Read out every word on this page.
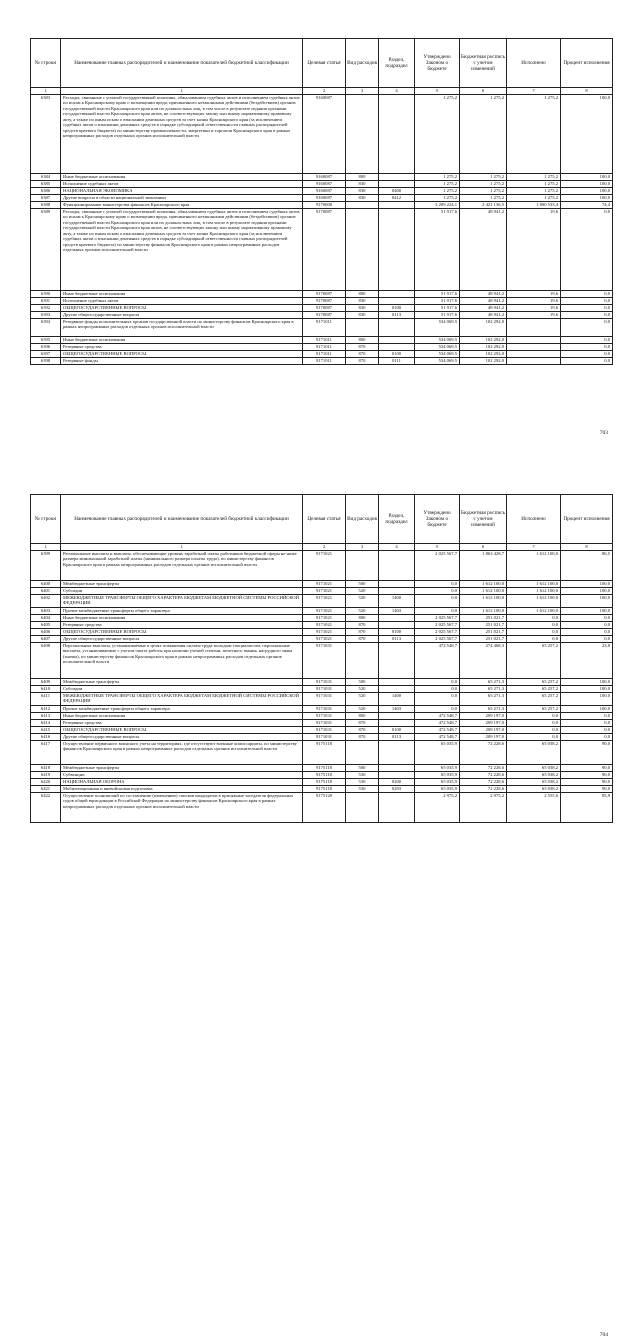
№ строки	Наименование главных распорядителей и наименование показателей бюджетной классификации	Целевая статья	Вид расходов	Раздел, подраздел	Утверждено Законом о бюджете	Бюджетная роспись с учетом изменений	Исполнено	Процент исполнения
1	1	2	3	4	5	6	7	8
6383	Расходы, связанные с уплатой государственной пошлины, обжалованием судебных актов и исполнением судебных актов по искам к Красноярскому краю о возмещении вреда, причиненного незаконными действиями (бездействием) органов государственной власти Красноярского края или их должностных лиц, в том числе в результате издания органами государственной власти Красноярского края актов, не соответствующих закону или иному нормативному правовому акту, а также по иным искам о взыскании денежных средств за счет казны Красноярского края (за исключением судебных актов о взыскании денежных средств в порядке субсидиарной ответственности главных распорядителей средств краевого бюджета) по министерству промышленности, энергетики и торговли Красноярского края в рамках непрограммных расходов отдельных органов исполнительной власти	9160087			1 275,2	1 275,2	1 275,2	100,0
6384	Иные бюджетные ассигнования	9160087	800		1 275,2	1 275,2	1 275,2	100,0
6385	Исполнение судебных актов	9160087	830		1 275,2	1 275,2	1 275,2	100,0
6386	НАЦИОНАЛЬНАЯ ЭКОНОМИКА	9160087	830	0400	1 275,2	1 275,2	1 275,2	100,0
6387	Другие вопросы в области национальной экономики	9160087	830	0412	1 275,2	1 275,2	1 275,2	100,0
6388	Функционирование министерства финансов Красноярского края	9170000			3 209 224,1	2 421 136,5	1 800 533,4	74,4
6389	Расходы, связанные с уплатой государственной пошлины, обжалованием судебных актов и исполнением судебных актов по искам к Красноярскому краю о возмещении вреда, причиненного незаконными действиями (бездействием) органов государственной власти Красноярского края или их должностных лиц, в том числе в результате издания органами государственной власти Красноярского края актов, не соответствующих закону или иному нормативному правовому акту, а также по иным искам о взыскании денежных средств за счет казны Красноярского края (за исключением судебных актов о взыскании денежных средств в порядке субсидиарной ответственности главных распорядителей средств краевого бюджета) по министерству финансов Красноярского края в рамках непрограммных расходов отдельных органов исполнительной власти	9170087			51 917,6	48 941,2	19,6	0,0
6390	Иные бюджетные ассигнования	9170087	800		51 917,6	48 941,2	19,6	0,0
6391	Исполнение судебных актов	9170087	830		51 917,6	48 941,2	19,6	0,0
6392	ОБЩЕГОСУДАРСТВЕННЫЕ ВОПРОСЫ	9170087	830	0100	51 917,6	48 941,2	19,6	0,0
6393	Другие общегосударственные вопросы	9170087	830	0113	51 917,6	48 941,2	19,6	0,0
6394	Резервные фонды исполнительных органов государственной власти по министерству финансов Красноярского края в рамках непрограммных расходов отдельных органов исполнительной власти	9171011			534 069,5	102 292,0		0,0
6395	Иные бюджетные ассигнования	9171011	800		534 069,5	102 292,0		0,0
6396	Резервные средства	9171011	870		534 069,5	102 292,0		0,0
6397	ОБЩЕГОСУДАРСТВЕННЫЕ ВОПРОСЫ	9171011	870	0100	534 069,5	102 292,0		0,0
6398	Резервные фонды	9171011	870	0111	534 069,5	102 292,0		0,0
703
№ строки	Наименование главных распорядителей и наименование показателей бюджетной классификации	Целевая статья	Вид расходов	Раздел, подраздел	Утверждено Законом о бюджете	Бюджетная роспись с учетом изменений	Исполнено	Процент исполнения
1	1	2	3	4	5	6	7	8
6399	Региональные выплаты и выплаты, обеспечивающие уровень заработной платы работников бюджетной сферы не ниже размера минимальной заработной платы (минимального размера оплаты труда), по министерству финансов Красноярского края в рамках непрограммных расходов отдельных органов исполнительной власти	9171021			2 025 567,7	1 863 428,7	1 612 100,0	86,5
6400	Межбюджетные трансферты	9171021	500		0,0	1 612 100,0	1 612 100,0	100,0
6401	Субсидии	9171021	520		0,0	1 612 100,0	1 612 100,0	100,0
6402	МЕЖБЮДЖЕТНЫЕ ТРАНСФЕРТЫ ОБЩЕГО ХАРАКТЕРА БЮДЖЕТАМ БЮДЖЕТНОЙ СИСТЕМЫ РОССИЙСКОЙ ФЕДЕРАЦИИ	9171021	520	1400	0,0	1 612 100,0	1 612 100,0	100,0
6403	Прочие межбюджетные трансферты общего характера	9171021	520	1403	0,0	1 612 100,0	1 612 100,0	100,0
6404	Иные бюджетные ассигнования	9171021	800		2 025 567,7	251 021,7	0,0	0,0
6405	Резервные средства	9171021	870		2 025 567,7	251 021,7	0,0	0,0
6406	ОБЩЕГОСУДАРСТВЕННЫЕ ВОПРОСЫ	9171021	870	0100	2 025 567,7	251 021,7	0,0	0,0
6407	Другие общегосударственные вопросы	9171021	870	0113	2 025 567,7	251 021,7	0,0	0,0
6408	Персональные выплаты, устанавливаемые в целях повышения оплаты труда молодым специалистам, персональные выплаты, устанавливаемые с учетом опыта работы при наличии ученой степени, почетного звания, нагрудного знака (значка), по министерству финансов Красноярского края в рамках непрограммных расходов отдельных органов исполнительной власти	9171031			472 548,7	274 468,3	65 257,2	23,8
6409	Межбюджетные трансферты	9171031	500		0,0	65 271,3	65 257,2	100,0
6410	Субсидии	9171031	520		0,0	65 271,3	65 257,2	100,0
6411	МЕЖБЮДЖЕТНЫЕ ТРАНСФЕРТЫ ОБЩЕГО ХАРАКТЕРА БЮДЖЕТАМ БЮДЖЕТНОЙ СИСТЕМЫ РОССИЙСКОЙ ФЕДЕРАЦИИ	9171031	520	1400	0,0	65 271,3	65 257,2	100,0
6412	Прочие межбюджетные трансферты общего характера	9171031	520	1403	0,0	65 271,3	65 257,2	100,0
6413	Иные бюджетные ассигнования	9171031	800		472 548,7	209 197,0	0,0	0,0
6414	Резервные средства	9171031	870		472 548,7	209 197,0	0,0	0,0
6415	ОБЩЕГОСУДАРСТВЕННЫЕ ВОПРОСЫ	9171031	870	0100	472 548,7	209 197,0	0,0	0,0
6416	Другие общегосударственные вопросы	9171031	870	0113	472 548,7	209 197,0	0,0	0,0
6417	Осуществление первичного воинского учета на территориях, где отсутствуют военные комиссариаты, по министерству финансов Красноярского края в рамках непрограммных расходов отдельных органов исполнительной власти	9175118			65 035,9	72 228,6	65 038,2	90,0
6418	Межбюджетные трансферты	9175118	500		65 035,9	72 228,6	65 038,2	90,0
6419	Субвенции	9175118	530		65 035,9	72 228,6	65 038,2	90,0
6420	НАЦИОНАЛЬНАЯ ОБОРОНА	9175118	530	0200	65 035,9	72 228,6	65 038,2	90,0
6421	Мобилизационная и вневойсковая подготовка	9175118	530	0203	65 035,9	72 228,6	65 038,2	90,0
6422	Осуществление полномочий по составлению (изменению) списков кандидатов в присяжные заседатели федеральных судов общей юрисдикции в Российской Федерации по министерству финансов Красноярского края в рамках непрограммных расходов отдельных органов исполнительной власти	9175120			2 975,2	2 975,2	2 555,6	85,9
704
